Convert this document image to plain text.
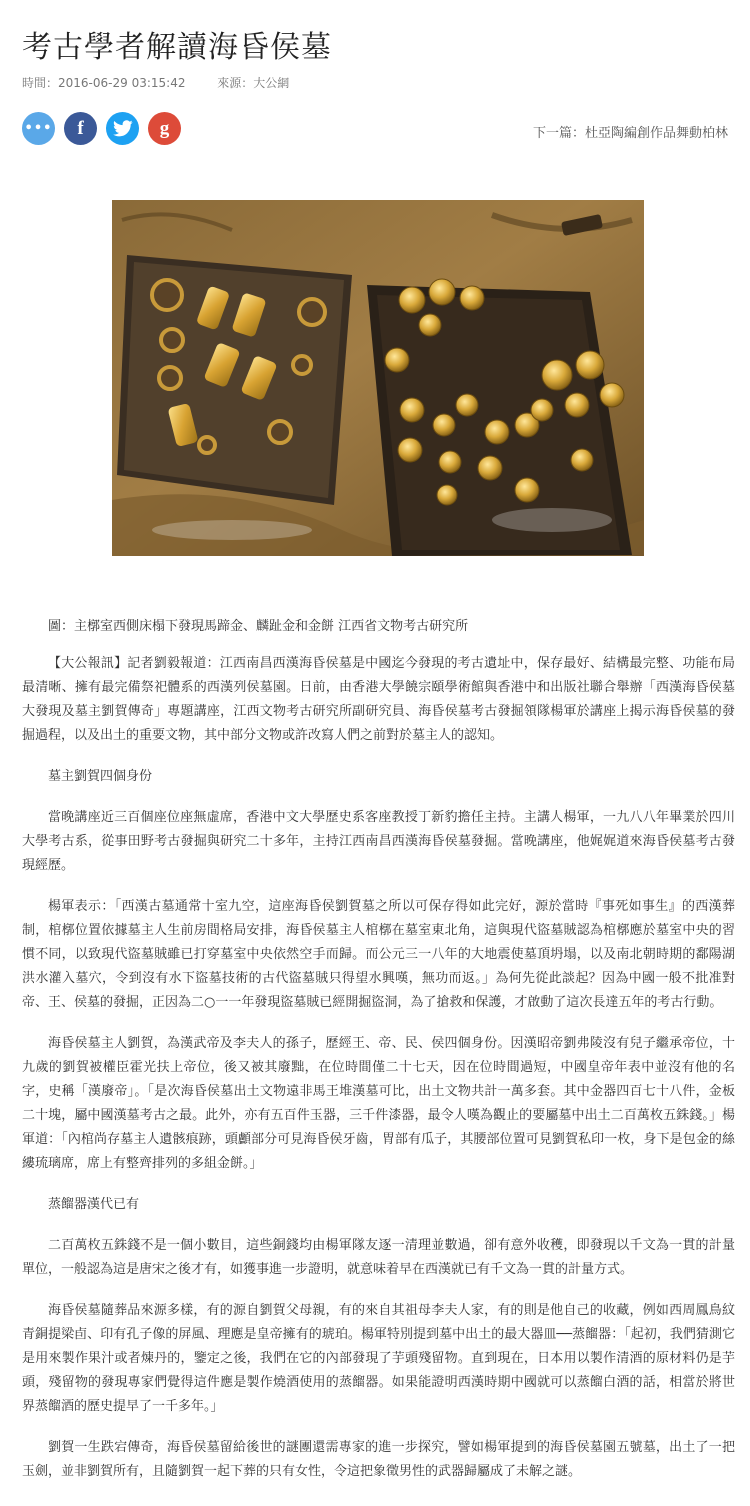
考古學者解讀海昏侯墓
時間：2016-06-29 03:15:42	來源：大公網
••• f	g	下一篇：杜亞陶編創作品舞動柏林
圖：主槨室西側床榻下發現馬蹄金、麟趾金和金餅 江西省文物考古研究所

【大公報訊】記者劉毅報道：江西南昌西漢海昏侯墓是中國迄今發現的考古遺址中，保存最好、結構最完整、功能布局最清晰、擁有最完備祭祀體系的西漢列侯墓園。日前，由香港大學饒宗頤學術館與香港中和出版社聯合舉辦「西漢海昏侯墓大發現及墓主劉賀傳奇」專題講座，江西文物考古研究所副研究員、海昏侯墓考古發掘領隊楊軍於講座上揭示海昏侯墓的發掘過程，以及出土的重要文物，其中部分文物或許改寫人們之前對於墓主人的認知。

墓主劉賀四個身份

當晚講座近三百個座位座無虛席，香港中文大學歷史系客座教授丁新豹擔任主持。主講人楊軍，一九八八年畢業於四川大學考古系，從事田野考古發掘與研究二十多年，主持江西南昌西漢海昏侯墓發掘。當晚講座，他娓娓道來海昏侯墓考古發現經歷。

楊軍表示：「西漢古墓通常十室九空，這座海昏侯劉賀墓之所以可保存得如此完好，源於當時『事死如事生』的西漢葬制，棺槨位置依據墓主人生前房間格局安排，海昏侯墓主人棺槨在墓室東北角，這與現代盜墓賊認為棺槨應於墓室中央的習慣不同，以致現代盜墓賊雖已打穿墓室中央依然空手而歸。而公元三一八年的大地震使墓頂坍塌，以及南北朝時期的鄱陽湖洪水灌入墓穴，令到沒有水下盜墓技術的古代盜墓賊只得望水興嘆，無功而返。」為何先從此談起？因為中國一般不批准對帝、王、侯墓的發掘，正因為二○一一年發現盜墓賊已經開掘盜洞，為了搶救和保護，才啟動了這次長達五年的考古行動。

海昏侯墓主人劉賀，為漢武帝及李夫人的孫子，歷經王、帝、民、侯四個身份。因漢昭帝劉弗陵沒有兒子繼承帝位，十九歲的劉賀被權臣霍光扶上帝位，後又被其廢黜，在位時間僅二十七天，因在位時間過短，中國皇帝年表中並沒有他的名字，史稱「漢廢帝」。「是次海昏侯墓出土文物遠非馬王堆漢墓可比，出土文物共計一萬多套。其中金器四百七十八件，金板二十塊，屬中國漢墓考古之最。此外，亦有五百件玉器，三千件漆器，最令人嘆為觀止的要屬墓中出土二百萬枚五銖錢。」楊軍道：「內棺尚存墓主人遺骸痕跡，頭顱部分可見海昏侯牙齒，胃部有瓜子，其腰部位置可見劉賀私印一枚，身下是包金的絲縷琉璃席，席上有整齊排列的多組金餅。」

蒸餾器漢代已有

二百萬枚五銖錢不是一個小數目，這些銅錢均由楊軍隊友逐一清理並數過，卻有意外收穫，即發現以千文為一貫的計量單位，一般認為這是唐宋之後才有，如獲事進一步證明，就意味着早在西漢就已有千文為一貫的計量方式。

海昏侯墓隨葬品來源多樣，有的源自劉賀父母親，有的來自其祖母李夫人家，有的則是他自己的收藏，例如西周鳳鳥紋青銅提梁卣、印有孔子像的屏風、理應是皇帝擁有的琥珀。楊軍特別提到墓中出土的最大器皿──蒸餾器：「起初，我們猜測它是用來製作果汁或者煉丹的，鑒定之後，我們在它的內部發現了芋頭殘留物。直到現在，日本用以製作清酒的原材料仍是芋頭，殘留物的發現專家們覺得這件應是製作燒酒使用的蒸餾器。如果能證明西漢時期中國就可以蒸餾白酒的話，相當於將世界蒸餾酒的歷史提早了一千多年。」

劉賀一生跌宕傳奇，海昏侯墓留給後世的謎團還需專家的進一步探究，譬如楊軍提到的海昏侯墓園五號墓，出土了一把玉劍，並非劉賀所有，且隨劉賀一起下葬的只有女性，令這把象徵男性的武器歸屬成了未解之謎。
